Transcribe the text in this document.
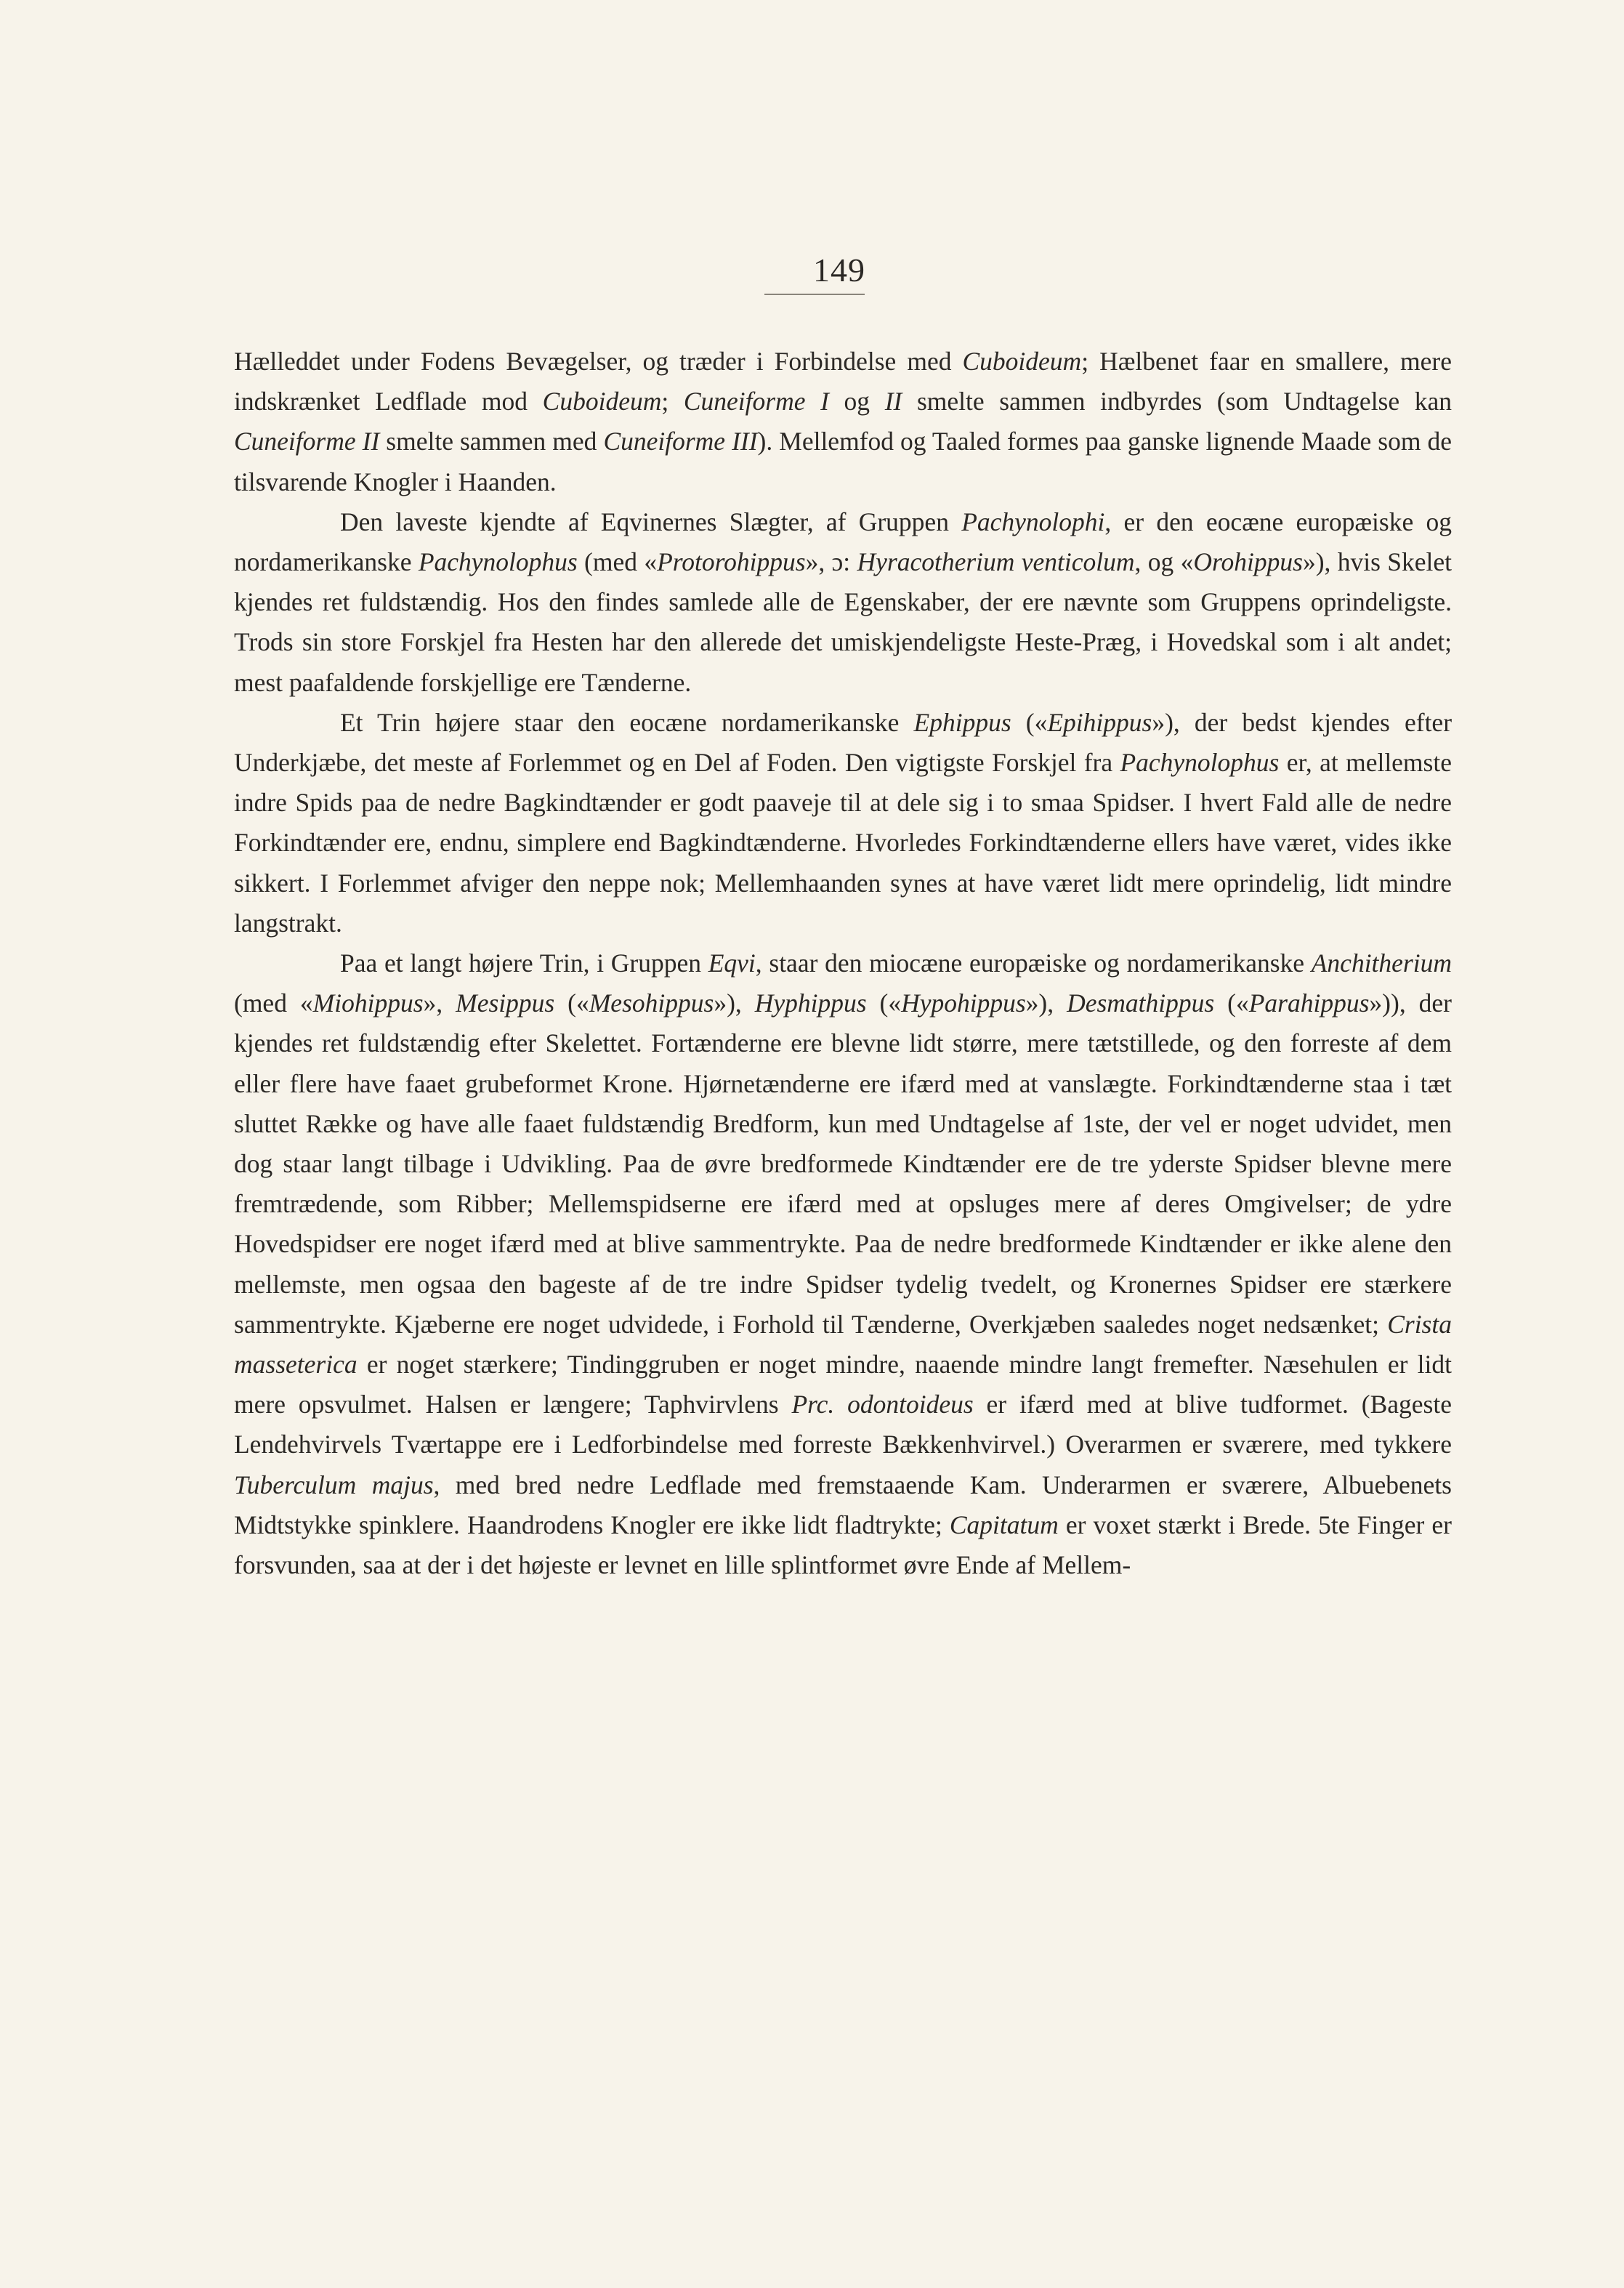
149

Hælleddet under Fodens Bevægelser, og træder i Forbindelse med Cuboideum; Hælbenet faar en smallere, mere indskrænket Ledflade mod Cuboideum; Cuneiforme I og II smelte sammen indbyrdes (som Undtagelse kan Cuneiforme II smelte sammen med Cuneiforme III). Mellemfod og Taaled formes paa ganske lignende Maade som de tilsvarende Knogler i Haanden.

Den laveste kjendte af Eqvinernes Slægter, af Gruppen Pachynolophi, er den eocæne europæiske og nordamerikanske Pachynolophus (med «Protorohippus», ɔ: Hyracotherium venticolum, og «Orohippus»), hvis Skelet kjendes ret fuldstændig. Hos den findes samlede alle de Egenskaber, der ere nævnte som Gruppens oprindeligste. Trods sin store Forskjel fra Hesten har den allerede det umiskjendeligste Heste-Præg, i Hovedskal som i alt andet; mest paafaldende forskjellige ere Tænderne.

Et Trin højere staar den eocæne nordamerikanske Ephippus («Epihippus»), der bedst kjendes efter Underkjæbe, det meste af Forlemmet og en Del af Foden. Den vigtigste Forskjel fra Pachynolophus er, at mellemste indre Spids paa de nedre Bagkindtænder er godt paaveje til at dele sig i to smaa Spidser. I hvert Fald alle de nedre Forkindtænder ere, endnu, simplere end Bagkindtænderne. Hvorledes Forkindtænderne ellers have været, vides ikke sikkert. I Forlemmet afviger den neppe nok; Mellemhaanden synes at have været lidt mere oprindelig, lidt mindre langstrakt.

Paa et langt højere Trin, i Gruppen Eqvi, staar den miocæne europæiske og nordamerikanske Anchitherium (med «Miohippus», Mesippus («Mesohippus»), Hyphippus («Hypohippus»), Desmathippus («Parahippus»)), der kjendes ret fuldstændig efter Skelettet. Fortænderne ere blevne lidt større, mere tætstillede, og den forreste af dem eller flere have faaet grubeformet Krone. Hjørnetænderne ere ifærd med at vanslægte. Forkindtænderne staa i tæt sluttet Række og have alle faaet fuldstændig Bredform, kun med Undtagelse af 1ste, der vel er noget udvidet, men dog staar langt tilbage i Udvikling. Paa de øvre bredformede Kindtænder ere de tre yderste Spidser blevne mere fremtrædende, som Ribber; Mellemspidserne ere ifærd med at opsluges mere af deres Omgivelser; de ydre Hovedspidser ere noget ifærd med at blive sammentrykte. Paa de nedre bredformede Kindtænder er ikke alene den mellemste, men ogsaa den bageste af de tre indre Spidser tydelig tvedelt, og Kronernes Spidser ere stærkere sammentrykte. Kjæberne ere noget udvidede, i Forhold til Tænderne, Overkjæben saaledes noget nedsænket; Crista masseterica er noget stærkere; Tindinggruben er noget mindre, naaende mindre langt fremefter. Næsehulen er lidt mere opsvulmet. Halsen er længere; Taphvirvlens Prc. odontoideus er ifærd med at blive tudformet. (Bageste Lendehvirvels Tværtappe ere i Ledforbindelse med forreste Bækkenhvirvel.) Overarmen er sværere, med tykkere Tuberculum majus, med bred nedre Ledflade med fremstaaende Kam. Underarmen er sværere, Albuebenets Midtstykke spinklere. Haandrodens Knogler ere ikke lidt fladtrykte; Capitatum er voxet stærkt i Brede. 5te Finger er forsvunden, saa at der i det højeste er levnet en lille splintformet øvre Ende af Mellem-
